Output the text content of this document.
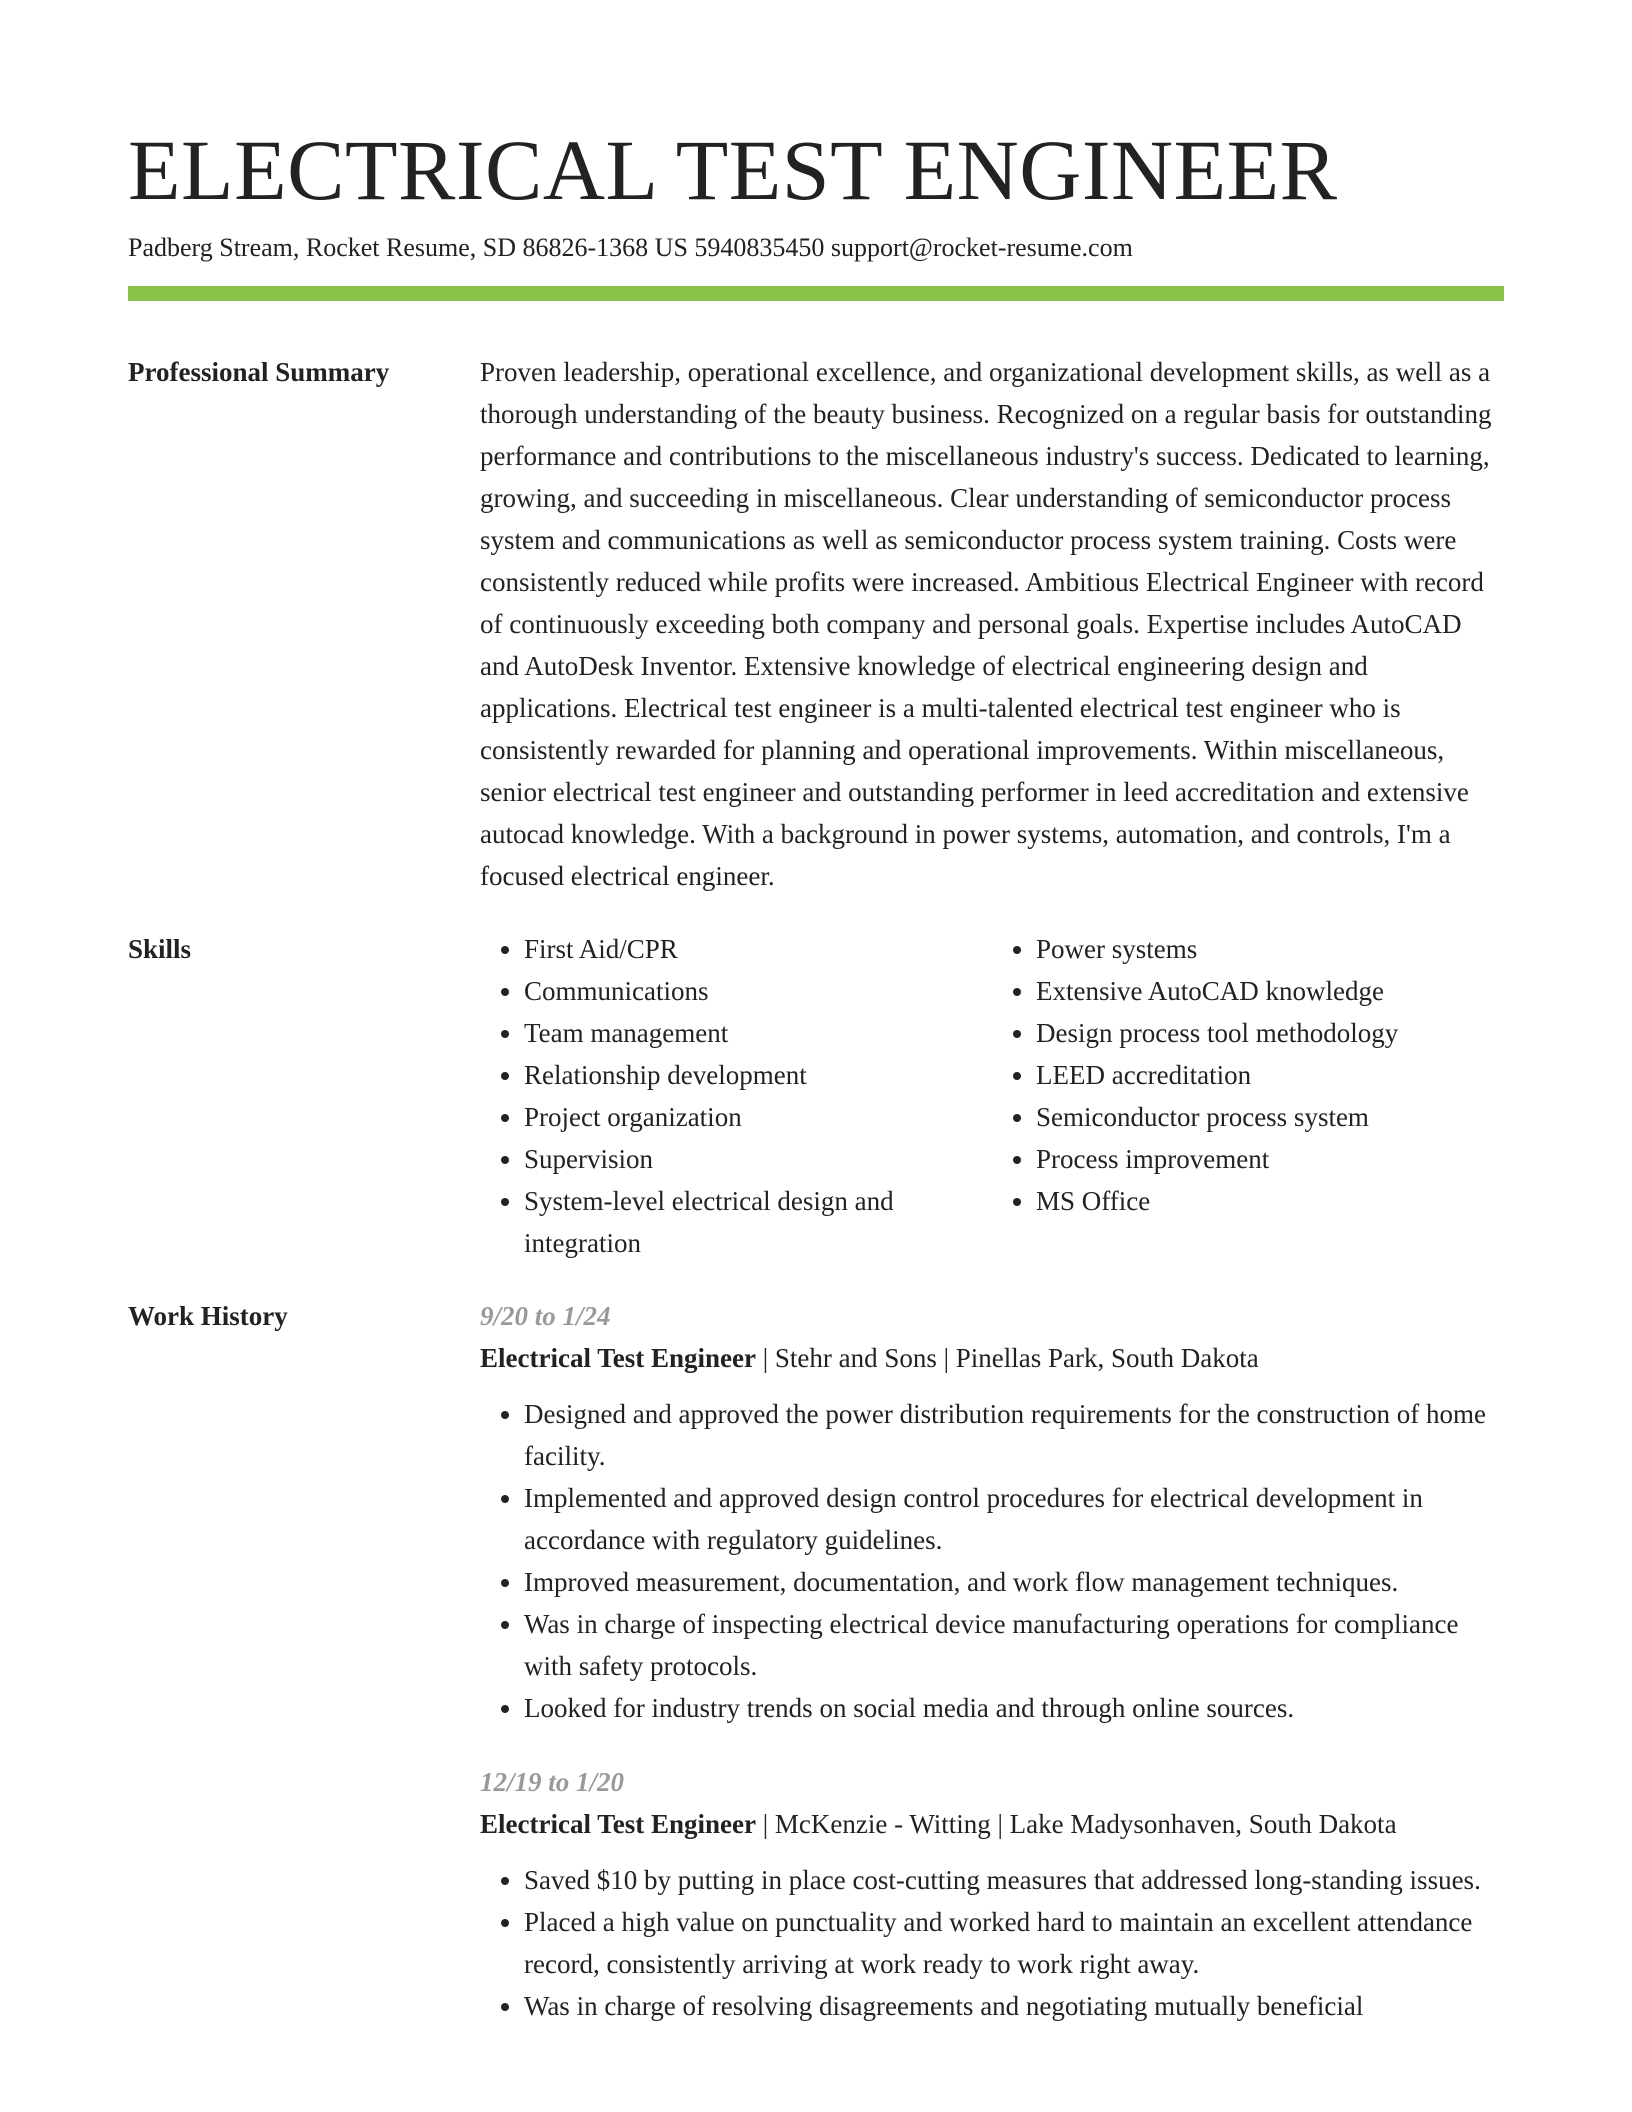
ELECTRICAL TEST ENGINEER
Padberg Stream, Rocket Resume, SD 86826-1368 US 5940835450 support@rocket-resume.com
Professional Summary	Proven leadership, operational excellence, and organizational development skills, as well as a thorough understanding of the beauty business. Recognized on a regular basis for outstanding performance and contributions to the miscellaneous industry's success. Dedicated to learning, growing, and succeeding in miscellaneous. Clear understanding of semiconductor process system and communications as well as semiconductor process system training. Costs were consistently reduced while profits were increased. Ambitious Electrical Engineer with record of continuously exceeding both company and personal goals. Expertise includes AutoCAD and AutoDesk Inventor. Extensive knowledge of electrical engineering design and applications. Electrical test engineer is a multi-talented electrical test engineer who is consistently rewarded for planning and operational improvements. Within miscellaneous, senior electrical test engineer and outstanding performer in leed accreditation and extensive autocad knowledge. With a background in power systems, automation, and controls, I'm a focused electrical engineer.

Skills
•	First Aid/CPR
• Communications
• Team management
• Relationship development
• Project organization
• Supervision
• System-level electrical design and integration
• Power systems
• Extensive AutoCAD knowledge
• Design process tool methodology
• LEED accreditation
• Semiconductor process system
• Process improvement
• MS Office
Work History	9/20 to 1/24
Electrical Test Engineer | Stehr and Sons | Pinellas Park, South Dakota
• Designed and approved the power distribution requirements for the construction of home facility.
• Implemented and approved design control procedures for electrical development in accordance with regulatory guidelines.
• Improved measurement, documentation, and work flow management techniques.
• Was in charge of inspecting electrical device manufacturing operations for compliance with safety protocols.
• Looked for industry trends on social media and through online sources.
12/19 to 1/20
Electrical Test Engineer | McKenzie - Witting | Lake Madysonhaven, South Dakota
• Saved $10 by putting in place cost-cutting measures that addressed long-standing issues.
• Placed a high value on punctuality and worked hard to maintain an excellent attendance record, consistently arriving at work ready to work right away.
• Was in charge of resolving disagreements and negotiating mutually beneficial
